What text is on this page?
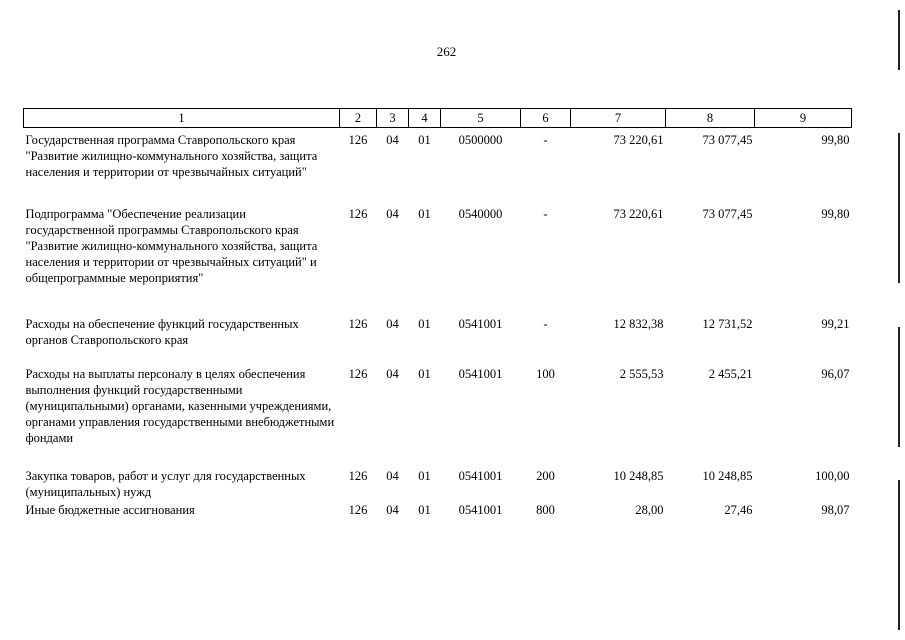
262
1	2	3	4	5	6	7	8	9
Государственная программа Ставропольского края "Развитие жилищно-коммунального хозяйства, защита населения и территории от чрезвычайных ситуаций"	126	04	01	0500000	-	73 220,61	73 077,45	99,80
Подпрограмма "Обеспечение реализации государственной программы Ставропольского края "Развитие жилищно-коммунального хозяйства, защита населения и территории от чрезвычайных ситуаций" и общепрограммные мероприятия"	126	04	01	0540000	-	73 220,61	73 077,45	99,80
Расходы на обеспечение функций государственных органов Ставропольского края	126	04	01	0541001	-	12 832,38	12 731,52	99,21
Расходы на выплаты персоналу в целях обеспечения выполнения функций государственными (муниципальными) органами, казенными учреждениями, органами управления государственными внебюджетными фондами	126	04	01	0541001	100	2 555,53	2 455,21	96,07
Закупка товаров, работ и услуг для государственных (муниципальных) нужд	126	04	01	0541001	200	10 248,85	10 248,85	100,00
Иные бюджетные ассигнования	126	04	01	0541001	800	28,00	27,46	98,07
